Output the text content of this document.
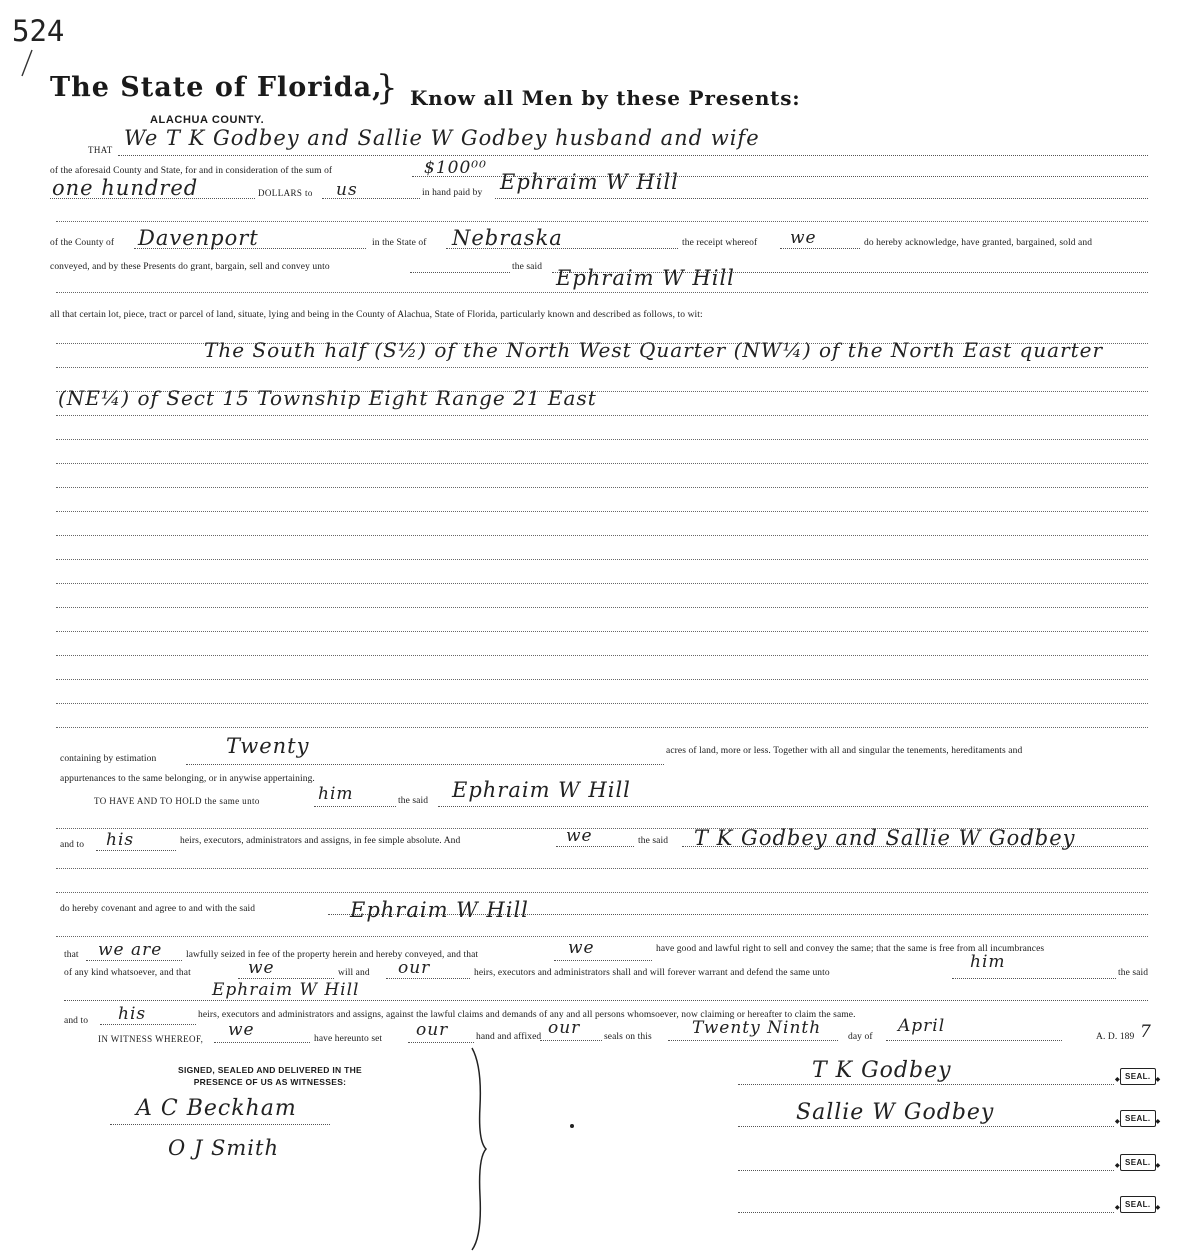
524
The State of Florida,
} Know all Men by these Presents:
ALACHUA COUNTY.
THAT We T K Godbey and Sallie W Godbey husband and wife
of the aforesaid County and State, for and in consideration of the sum of	$100⁰⁰
one hundred	DOLLARS to us	in hand paid by Ephraim W Hill
of the County of Davenport	in the State of Nebraska	the receipt whereof we	do hereby acknowledge, have granted, bargained, sold and
conveyed, and by these Presents do grant, bargain, sell and convey unto	the said Ephraim W Hill
all that certain lot, piece, tract or parcel of land, situate, lying and being in the County of Alachua, State of Florida, particularly known and described as follows, to wit:
The South half (S½) of the North West Quarter (NW¼) of the North East quarter
(NE¼) of Sect 15 Township Eight Range 21 East
containing by estimation
Twenty	acres of land, more or less. Together with all and singular the tenements, hereditaments and
appurtenances to the same belonging, or in anywise appertaining.
TO HAVE AND TO HOLD the same unto	him	the said Ephraim W Hill
and to his	heirs, executors, administrators and assigns, in fee simple absolute. And	we	the said T K Godbey and Sallie W Godbey
do hereby covenant and agree to and with the said	Ephraim W Hill
that we are lawfully seized in fee of the property herein and hereby conveyed, and that	we	have good and lawful right to sell and convey the same; that the same is free from all incumbrances
of any kind whatsoever, and that	we	will and our	heirs, executors and administrators shall and will forever warrant and defend the same unto
him
the said
Ephraim W Hill
and to his	heirs, executors and administrators and assigns, against the lawful claims and demands of any and all persons whomsoever, now claiming or hereafter to claim the same.
IN WITNESS WHEREOF, we	have hereunto set our	hand and affixed our seals on this Twenty Ninth	day of
April
A. D. 189 7
SIGNED, SEALED AND DELIVERED IN THE PRESENCE OF US AS WITNESSES:
A C Beckham
O J Smith
T K Godbey	◆ SEAL. ◆
Sallie W Godbey	◆ SEAL. ◆
◆ SEAL. ◆
◆ SEAL. ◆
